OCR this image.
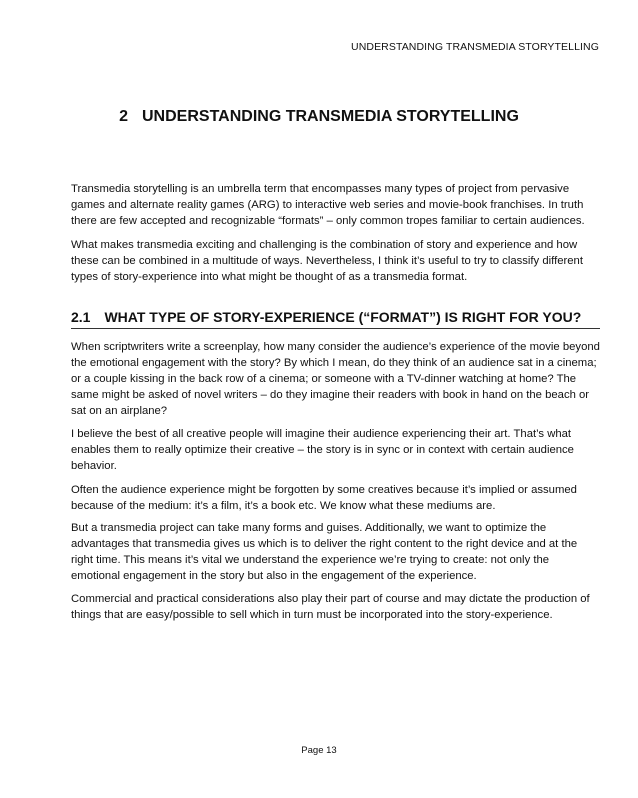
UNDERSTANDING TRANSMEDIA STORYTELLING
2 UNDERSTANDING TRANSMEDIA STORYTELLING

Transmedia storytelling is an umbrella term that encompasses many types of project from pervasive games and alternate reality games (ARG) to interactive web series and movie-book franchises. In truth there are few accepted and recognizable “formats” – only common tropes familiar to certain audiences.

What makes transmedia exciting and challenging is the combination of story and experience and how these can be combined in a multitude of ways. Nevertheless, I think it’s useful to try to classify different types of story-experience into what might be thought of as a transmedia format.

2.1 WHAT TYPE OF STORY-EXPERIENCE (“FORMAT”) IS RIGHT FOR YOU?

When scriptwriters write a screenplay, how many consider the audience’s experience of the movie beyond the emotional engagement with the story? By which I mean, do they think of an audience sat in a cinema; or a couple kissing in the back row of a cinema; or someone with a TV-dinner watching at home? The same might be asked of novel writers – do they imagine their readers with book in hand on the beach or sat on an airplane?

I believe the best of all creative people will imagine their audience experiencing their art. That’s what enables them to really optimize their creative – the story is in sync or in context with certain audience behavior.

Often the audience experience might be forgotten by some creatives because it’s implied or assumed because of the medium: it’s a film, it’s a book etc. We know what these mediums are.

But a transmedia project can take many forms and guises. Additionally, we want to optimize the advantages that transmedia gives us which is to deliver the right content to the right device and at the right time. This means it’s vital we understand the experience we’re trying to create: not only the emotional engagement in the story but also in the engagement of the experience.

Commercial and practical considerations also play their part of course and may dictate the production of things that are easy/possible to sell which in turn must be incorporated into the story-experience.

Page 13
